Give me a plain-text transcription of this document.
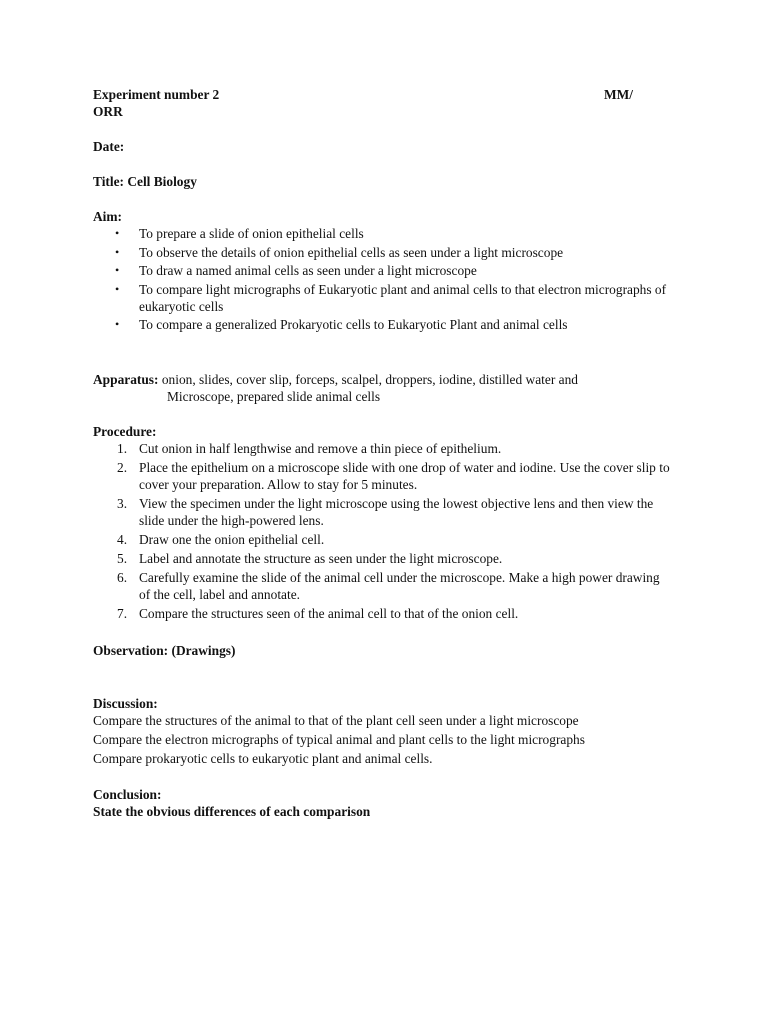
Experiment number 2	MM/
ORR
Date:
Title: Cell Biology
Aim:
• To prepare a slide of onion epithelial cells
• To observe the details of onion epithelial cells as seen under a light microscope
• To draw a named animal cells as seen under a light microscope
• To compare light micrographs of Eukaryotic plant and animal cells to that electron micrographs of eukaryotic cells
• To compare a generalized Prokaryotic cells to Eukaryotic Plant and animal cells
Apparatus: onion, slides, cover slip, forceps, scalpel, droppers, iodine, distilled water and
Microscope, prepared slide animal cells
Procedure:
1. Cut onion in half lengthwise and remove a thin piece of epithelium.
2. Place the epithelium on a microscope slide with one drop of water and iodine. Use the cover slip to cover your preparation. Allow to stay for 5 minutes.
3. View the specimen under the light microscope using the lowest objective lens and then view the slide under the high-powered lens.
4. Draw one the onion epithelial cell.
5. Label and annotate the structure as seen under the light microscope.
6. Carefully examine the slide of the animal cell under the microscope. Make a high power drawing of the cell, label and annotate.
7. Compare the structures seen of the animal cell to that of the onion cell.
Observation: (Drawings)
Discussion:
Compare the structures of the animal to that of the plant cell seen under a light microscope
Compare the electron micrographs of typical animal and plant cells to the light micrographs
Compare prokaryotic cells to eukaryotic plant and animal cells.
Conclusion:
State the obvious differences of each comparison
